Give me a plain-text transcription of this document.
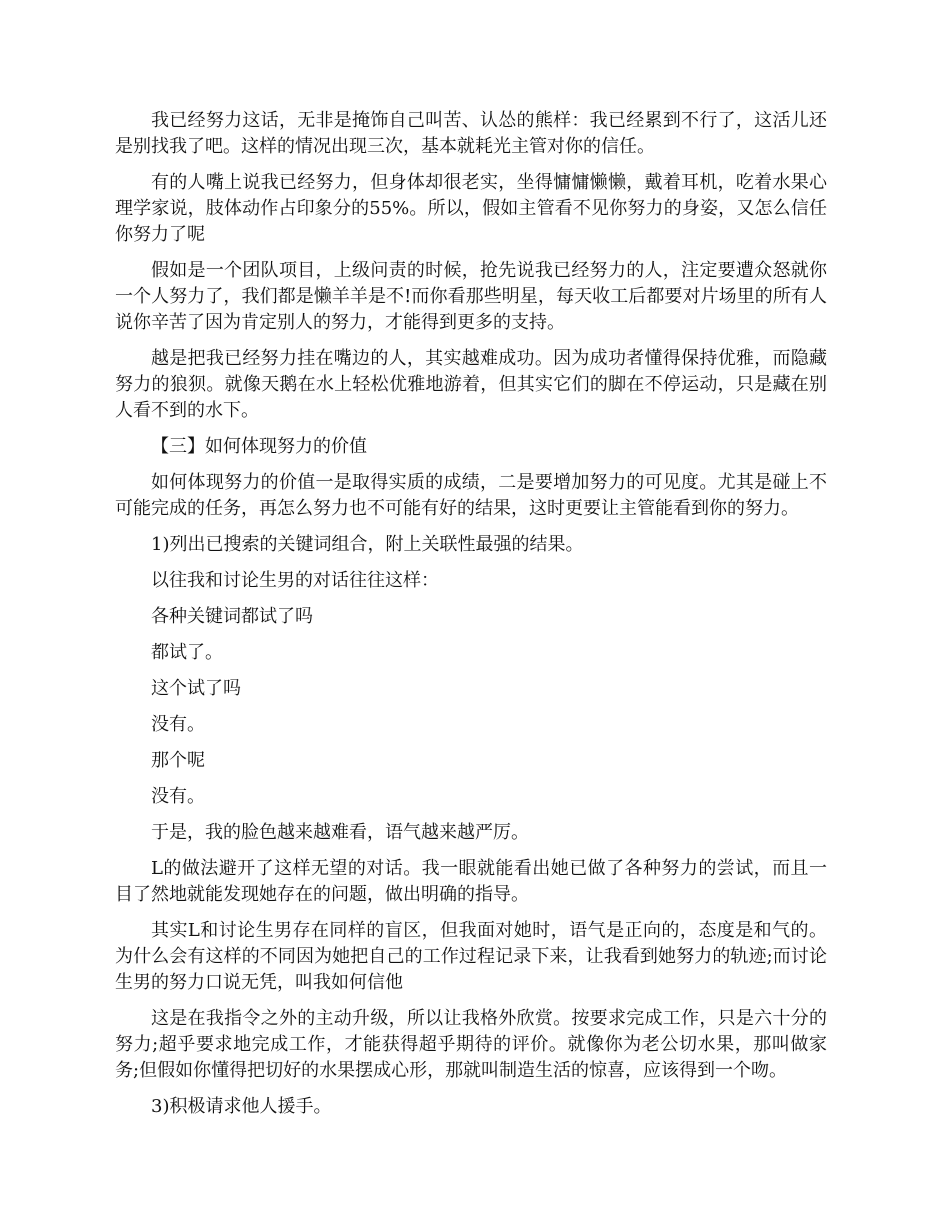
我已经努力这话，无非是掩饰自己叫苦、认怂的熊样：我已经累到不行了，这活儿还是别找我了吧。这样的情况出现三次，基本就耗光主管对你的信任。

有的人嘴上说我已经努力，但身体却很老实，坐得慵慵懒懒，戴着耳机，吃着水果心理学家说，肢体动作占印象分的55%。所以，假如主管看不见你努力的身姿，又怎么信任你努力了呢

假如是一个团队项目，上级问责的时候，抢先说我已经努力的人，注定要遭众怒就你一个人努力了，我们都是懒羊羊是不!而你看那些明星，每天收工后都要对片场里的所有人说你辛苦了因为肯定别人的努力，才能得到更多的支持。

越是把我已经努力挂在嘴边的人，其实越难成功。因为成功者懂得保持优雅，而隐藏努力的狼狈。就像天鹅在水上轻松优雅地游着，但其实它们的脚在不停运动，只是藏在别人看不到的水下。

【三】如何体现努力的价值

如何体现努力的价值一是取得实质的成绩，二是要增加努力的可见度。尤其是碰上不可能完成的任务，再怎么努力也不可能有好的结果，这时更要让主管能看到你的努力。

1)列出已搜索的关键词组合，附上关联性最强的结果。

以往我和讨论生男的对话往往这样：

各种关键词都试了吗

都试了。

这个试了吗

没有。

那个呢

没有。

于是，我的脸色越来越难看，语气越来越严厉。

L的做法避开了这样无望的对话。我一眼就能看出她已做了各种努力的尝试，而且一目了然地就能发现她存在的问题，做出明确的指导。

其实L和讨论生男存在同样的盲区，但我面对她时，语气是正向的，态度是和气的。为什么会有这样的不同因为她把自己的工作过程记录下来，让我看到她努力的轨迹;而讨论生男的努力口说无凭，叫我如何信他

这是在我指令之外的主动升级，所以让我格外欣赏。按要求完成工作，只是六十分的努力;超乎要求地完成工作，才能获得超乎期待的评价。就像你为老公切水果，那叫做家务;但假如你懂得把切好的水果摆成心形，那就叫制造生活的惊喜，应该得到一个吻。

3)积极请求他人援手。
